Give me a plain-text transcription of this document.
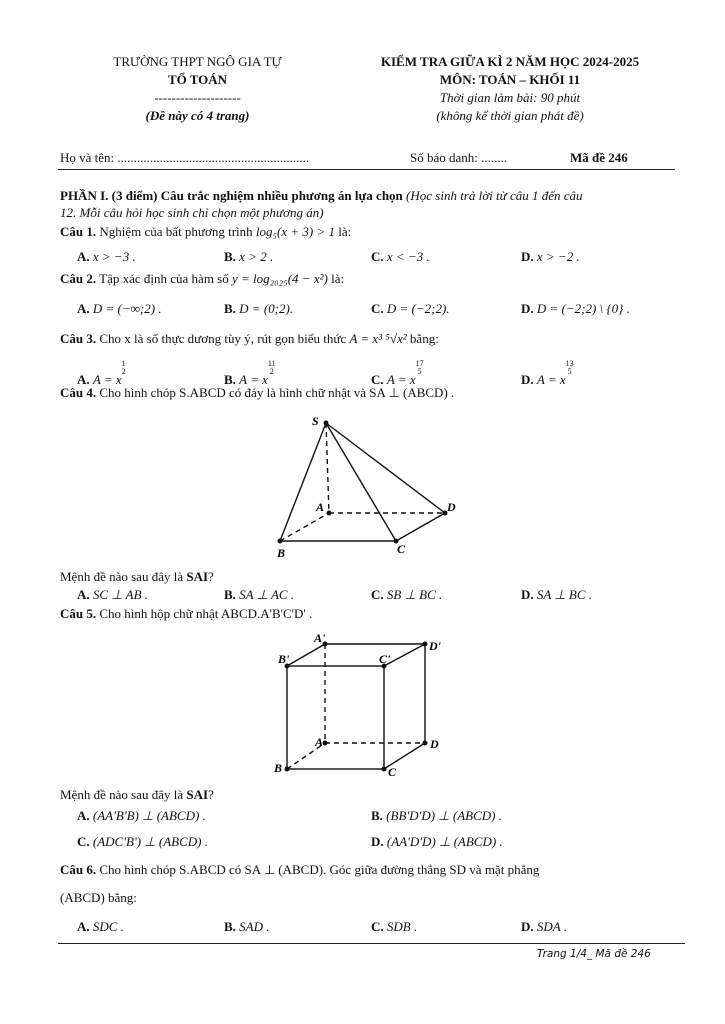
TRƯỜNG THPT NGÔ GIA TỰ
TỔ TOÁN
--------------------
(Đề này có 4 trang)
KIỂM TRA GIỮA KÌ 2 NĂM HỌC 2024-2025
MÔN: TOÁN – KHỐI 11
Thời gian làm bài: 90 phút
(không kể thời gian phát đề)
Họ và tên: ...........................................................	Số báo danh: ........	Mã đề 246
PHẦN I. (3 điểm) Câu trắc nghiệm nhiều phương án lựa chọn (Học sinh trả lời từ câu 1 đến câu
12. Mỗi câu hỏi học sinh chỉ chọn một phương án)
Câu 1. Nghiệm của bất phương trình log₅(x + 3) > 1 là:
A. x > −3 .	B. x > 2 .	C. x < −3 .	D. x > −2 .
Câu 2. Tập xác định của hàm số y = log₂₀₂₅(4 − x²) là:
A. D = (−∞;2) .	B. D = (0;2).	C. D = (−2;2).	D. D = (−2;2) \ {0} .
Câu 3. Cho x là số thực dương tùy ý, rút gọn biểu thức A = x³ ⁵√x² bằng:
A. $A = x^{1 2}$
B. $A = x^{11 2}$
C. $A = x^{17 5}$
D. $A = x^{13 5}$
Câu 4. Cho hình chóp S.ABCD có đáy là hình chữ nhật và SA ⊥ (ABCD) .
S
A
B	C
D
Mệnh đề nào sau đây là SAI?
A. SC ⊥ AB .	B. SA ⊥ AC .	C. SB ⊥ BC .	D. SA ⊥ BC .
Câu 5. Cho hình hộp chữ nhật ABCD.A'B'C'D' .
A'
B'	C'
D'
A
B	C
D
Mệnh đề nào sau đây là SAI?
A. (AA'B'B) ⊥ (ABCD) .	B. (BB'D'D) ⊥ (ABCD) .
C. (ADC'B') ⊥ (ABCD) .	D. (AA'D'D) ⊥ (ABCD) .
Câu 6. Cho hình chóp S.ABCD có SA ⊥ (ABCD). Góc giữa đường thẳng SD và mặt phẳng
(ABCD) bằng:
A. SDC .	B. SAD .	C. SDB .	D. SDA .
Trang 1/4_ Mã đề 246
